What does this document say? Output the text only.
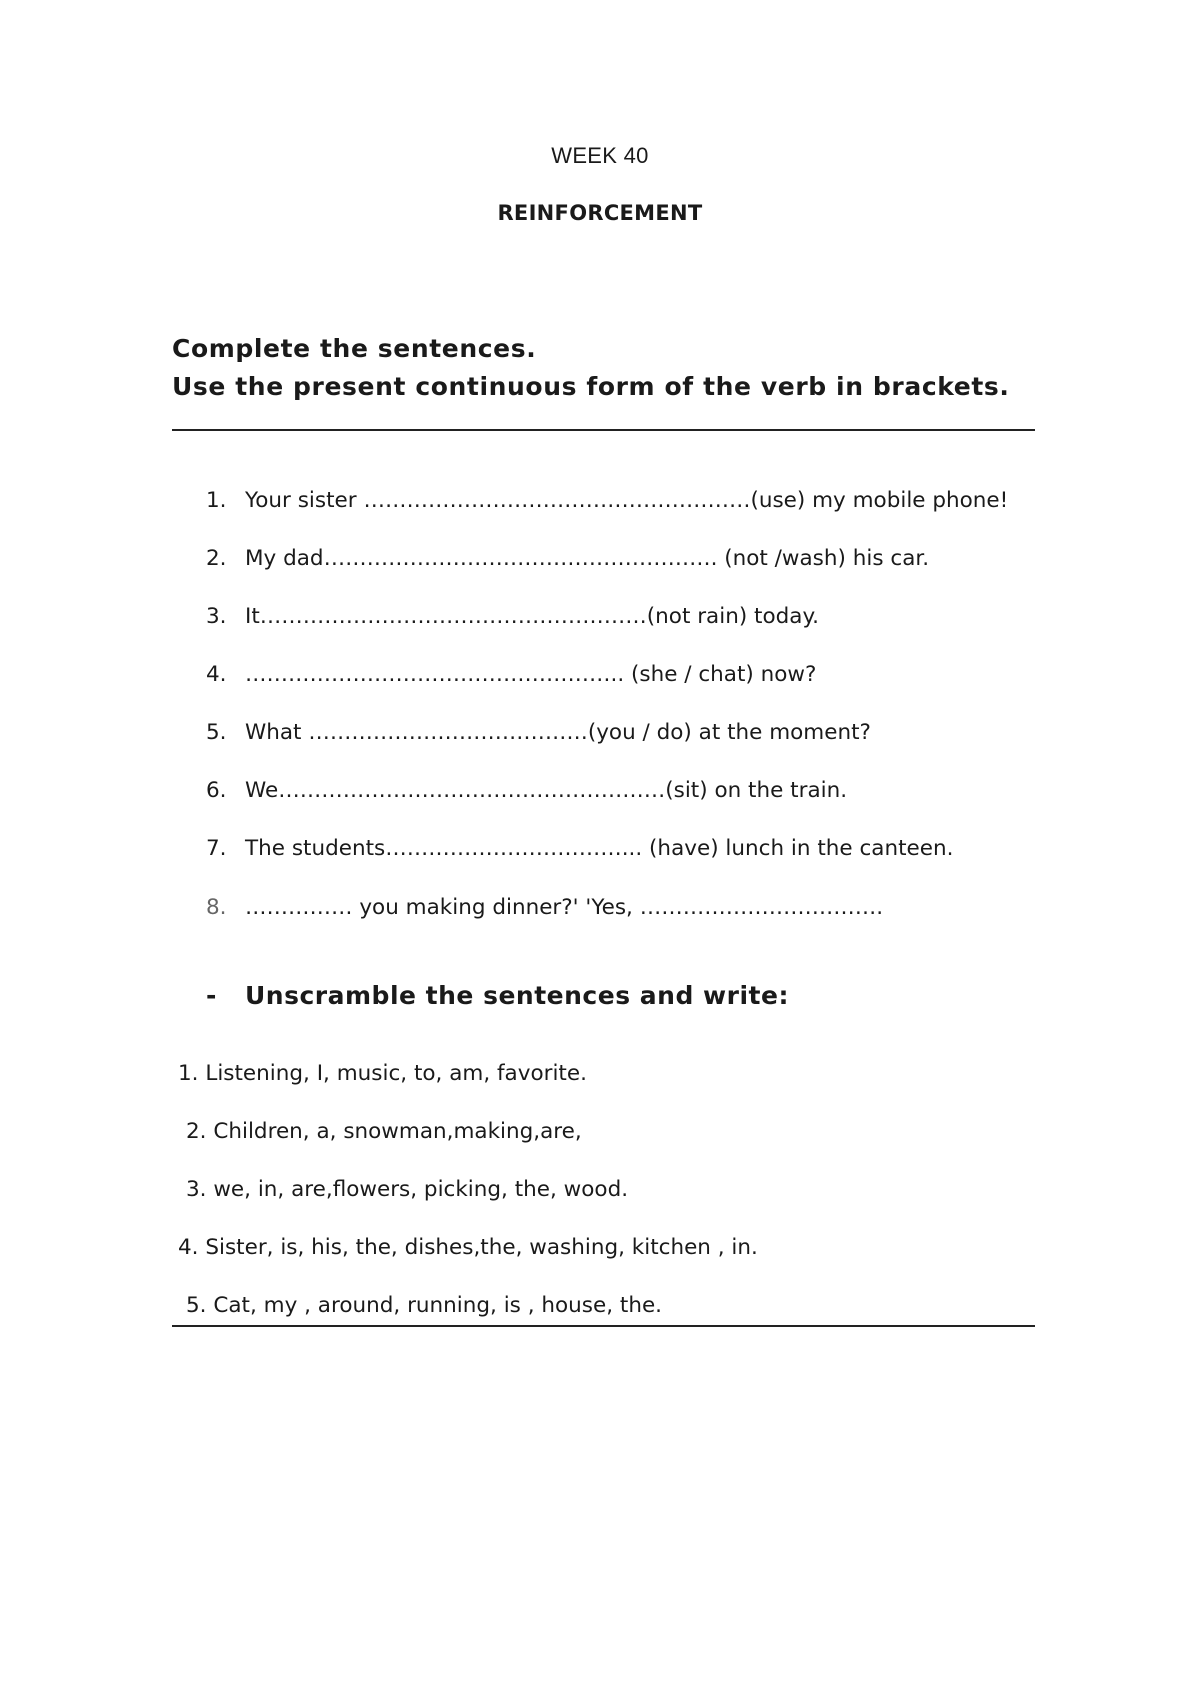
WEEK 40
REINFORCEMENT
Complete the sentences.
Use the present continuous form of the verb in brackets.
1. Your sister ………………………………………………(use) my mobile phone!
2. My dad………………………………………………. (not /wash) his car.
3. It………………………………………………(not rain) today.
4. …………………………………………….. (she / chat) now?
5. What …………………………………(you / do) at the moment?
6. We………………………………………………(sit) on the train.
7. The students……………………………... (have) lunch in the canteen.
8. …………… you making dinner?' 'Yes, …………………………….
- Unscramble the sentences and write:
1. Listening, I, music, to, am, favorite.
2. Children, a, snowman,making,are,
3. we, in, are,flowers, picking, the, wood.
4. Sister, is, his, the, dishes,the, washing, kitchen , in.
5. Cat, my , around, running, is , house, the.
